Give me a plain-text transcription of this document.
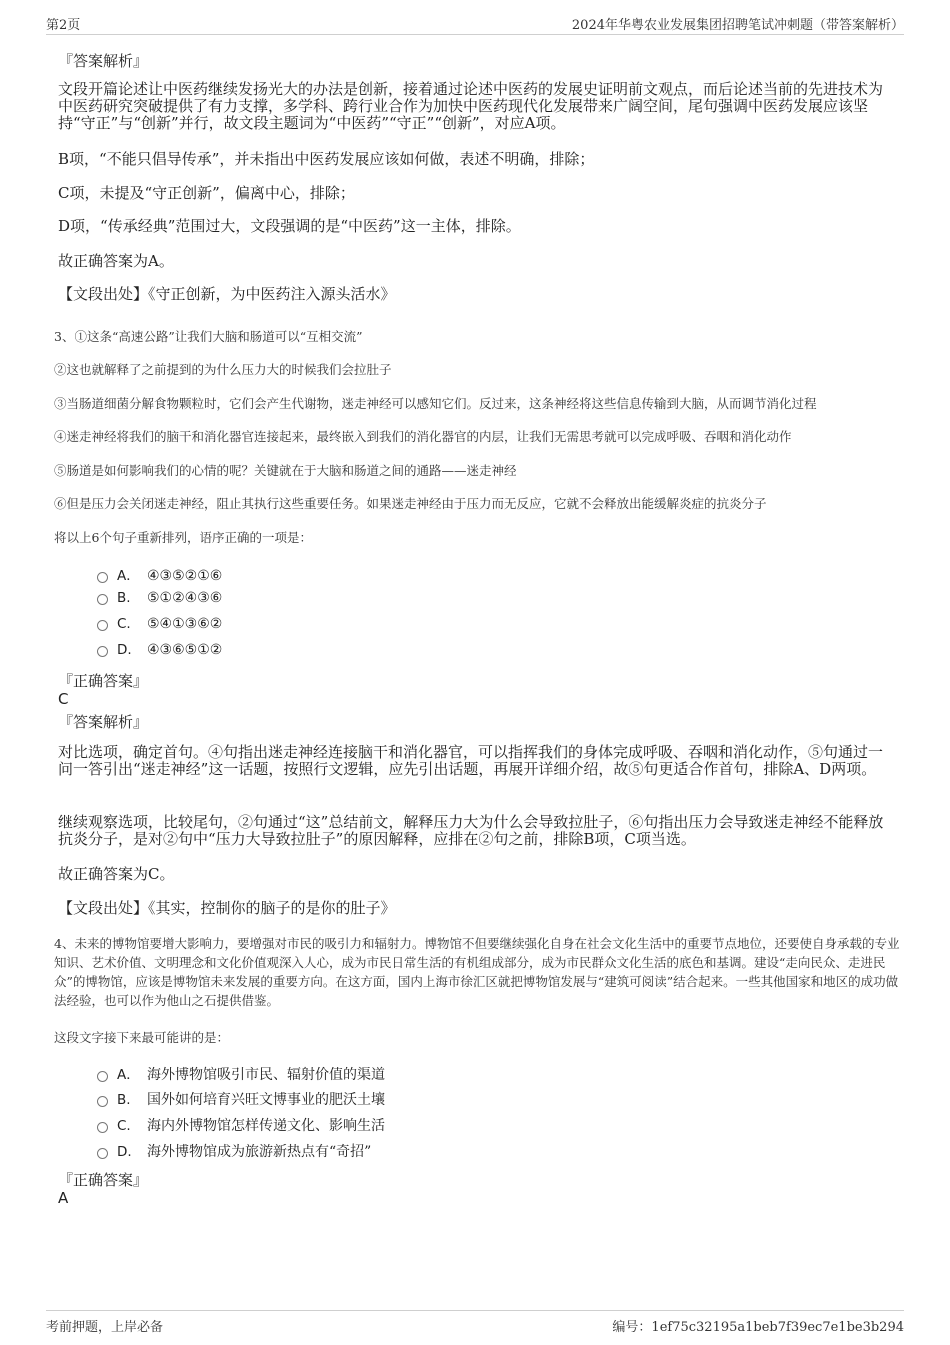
第2页	2024年华粤农业发展集团招聘笔试冲刺题（带答案解析）
『答案解析』
文段开篇论述让中医药继续发扬光大的办法是创新，接着通过论述中医药的发展史证明前文观点，而后论述当前的先进技术为中医药研究突破提供了有力支撑，多学科、跨行业合作为加快中医药现代化发展带来广阔空间，尾句强调中医药发展应该坚持“守正”与“创新”并行，故文段主题词为“中医药”“守正”“创新”，对应A项。
B项，“不能只倡导传承”，并未指出中医药发展应该如何做，表述不明确，排除；
C项，未提及“守正创新”，偏离中心，排除；
D项，“传承经典”范围过大，文段强调的是“中医药”这一主体，排除。
故正确答案为A。
【文段出处】《守正创新，为中医药注入源头活水》
3、①这条“高速公路”让我们大脑和肠道可以“互相交流”
②这也就解释了之前提到的为什么压力大的时候我们会拉肚子
③当肠道细菌分解食物颗粒时，它们会产生代谢物，迷走神经可以感知它们。反过来，这条神经将这些信息传输到大脑，从而调节消化过程
④迷走神经将我们的脑干和消化器官连接起来，最终嵌入到我们的消化器官的内层，让我们无需思考就可以完成呼吸、吞咽和消化动作
⑤肠道是如何影响我们的心情的呢？关键就在于大脑和肠道之间的通路——迷走神经
⑥但是压力会关闭迷走神经，阻止其执行这些重要任务。如果迷走神经由于压力而无反应，它就不会释放出能缓解炎症的抗炎分子
将以上6个句子重新排列，语序正确的一项是：
A． ④③⑤②①⑥
B. ⑤①②④③⑥
C. ⑤④①③⑥②
D. ④③⑥⑤①②
『正确答案』
C
『答案解析』
对比选项，确定首句。④句指出迷走神经连接脑干和消化器官，可以指挥我们的身体完成呼吸、吞咽和消化动作，⑤句通过一问一答引出“迷走神经”这一话题，按照行文逻辑，应先引出话题，再展开详细介绍，故⑤句更适合作首句，排除A、D两项。
继续观察选项，比较尾句，②句通过“这”总结前文，解释压力大为什么会导致拉肚子，⑥句指出压力会导致迷走神经不能释放抗炎分子，是对②句中“压力大导致拉肚子”的原因解释，应排在②句之前，排除B项，C项当选。
故正确答案为C。
【文段出处】《其实，控制你的脑子的是你的肚子》
4、未来的博物馆要增大影响力，要增强对市民的吸引力和辐射力。博物馆不但要继续强化自身在社会文化生活中的重要节点地位，还要使自身承载的专业知识、艺术价值、文明理念和文化价值观深入人心，成为市民日常生活的有机组成部分，成为市民群众文化生活的底色和基调。建设“走向民众、走进民众”的博物馆，应该是博物馆未来发展的重要方向。在这方面，国内上海市徐汇区就把博物馆发展与“建筑可阅读”结合起来。一些其他国家和地区的成功做法经验，也可以作为他山之石提供借鉴。
这段文字接下来最可能讲的是：
A． 海外博物馆吸引市民、辐射价值的渠道
B. 国外如何培育兴旺文博事业的肥沃土壤
C. 海内外博物馆怎样传递文化、影响生活
D. 海外博物馆成为旅游新热点有“奇招”
『正确答案』
A
考前押题，上岸必备	编号：1ef75c32195a1beb7f39ec7e1be3b294
